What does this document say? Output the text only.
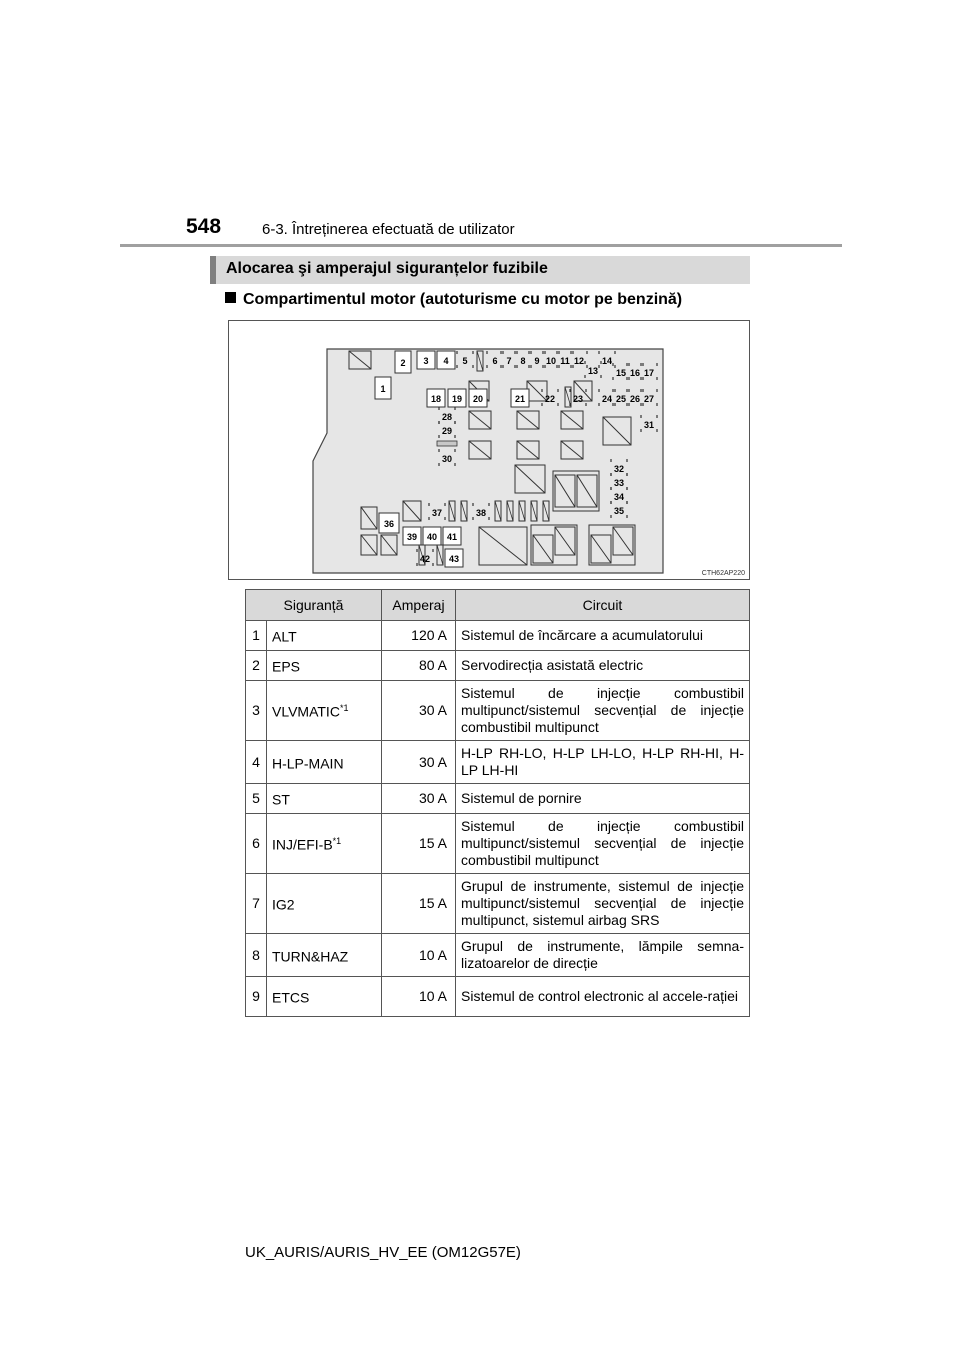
548	6-3. Întreținerea efectuată de utilizator
Alocarea şi amperajul siguranțelor fuzibile
Compartimentul motor (autoturisme cu motor pe benzină)
1
2 3 4
18 19 20	21
36
39 40 41
43
5	6 7 8 9 10 11 12 14
13 15 16 17
22 23 24 25 26 27
28
29
30
31
32
33
34
35
37	38
42
CTH62AP220
Siguranță		Amperaj	Circuit
1	ALT	120 A	Sistemul de încărcare a acumulatorului
2	EPS	80 A	Servodirecția asistată electric
3	VLVMATIC$^{*1}$	30 A	Sistemul de injecție combustibil multipunct/sistemul secvențial de injecție combustibil multipunct
4	H-LP-MAIN	30 A	H-LP RH-LO, H-LP LH-LO, H-LP RH-HI, H-LP LH-HI
5	ST	30 A	Sistemul de pornire
6	INJ/$EFI-B^{*1}$	15 A	Sistemul de injecție combustibil multipunct/sistemul secvențial de injecție combustibil multipunct
7	IG2	15 A	Grupul de instrumente, sistemul de injecție multipunct/sistemul secvențial de injecție multipunct, sistemul airbag SRS
8	TURN&HAZ	10 A	Grupul de instrumente, lămpile semna-lizatoarelor de direcție
9	ETCS	10 A	Sistemul de control electronic al accele-rației
UK_AURIS/AURIS_HV_EE (OM12G57E)
